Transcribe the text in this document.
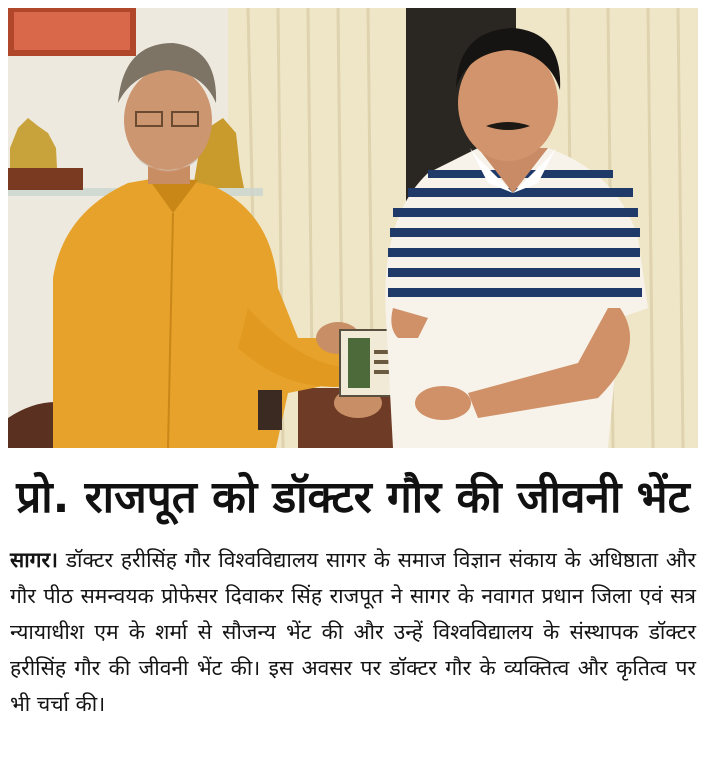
प्रो. राजपूत को डॉक्टर गौर की जीवनी भेंट
सागर। डॉक्टर हरीसिंह गौर विश्वविद्यालय सागर के समाज विज्ञान संकाय के अधिष्ठाता और गौर पीठ समन्वयक प्रोफेसर दिवाकर सिंह राजपूत ने सागर के नवागत प्रधान जिला एवं सत्र न्यायाधीश एम के शर्मा से सौजन्य भेंट की और उन्हें विश्वविद्यालय के संस्थापक डॉक्टर हरीसिंह गौर की जीवनी भेंट की। इस अवसर पर डॉक्टर गौर के व्यक्तित्व और कृतित्व पर भी चर्चा की।
